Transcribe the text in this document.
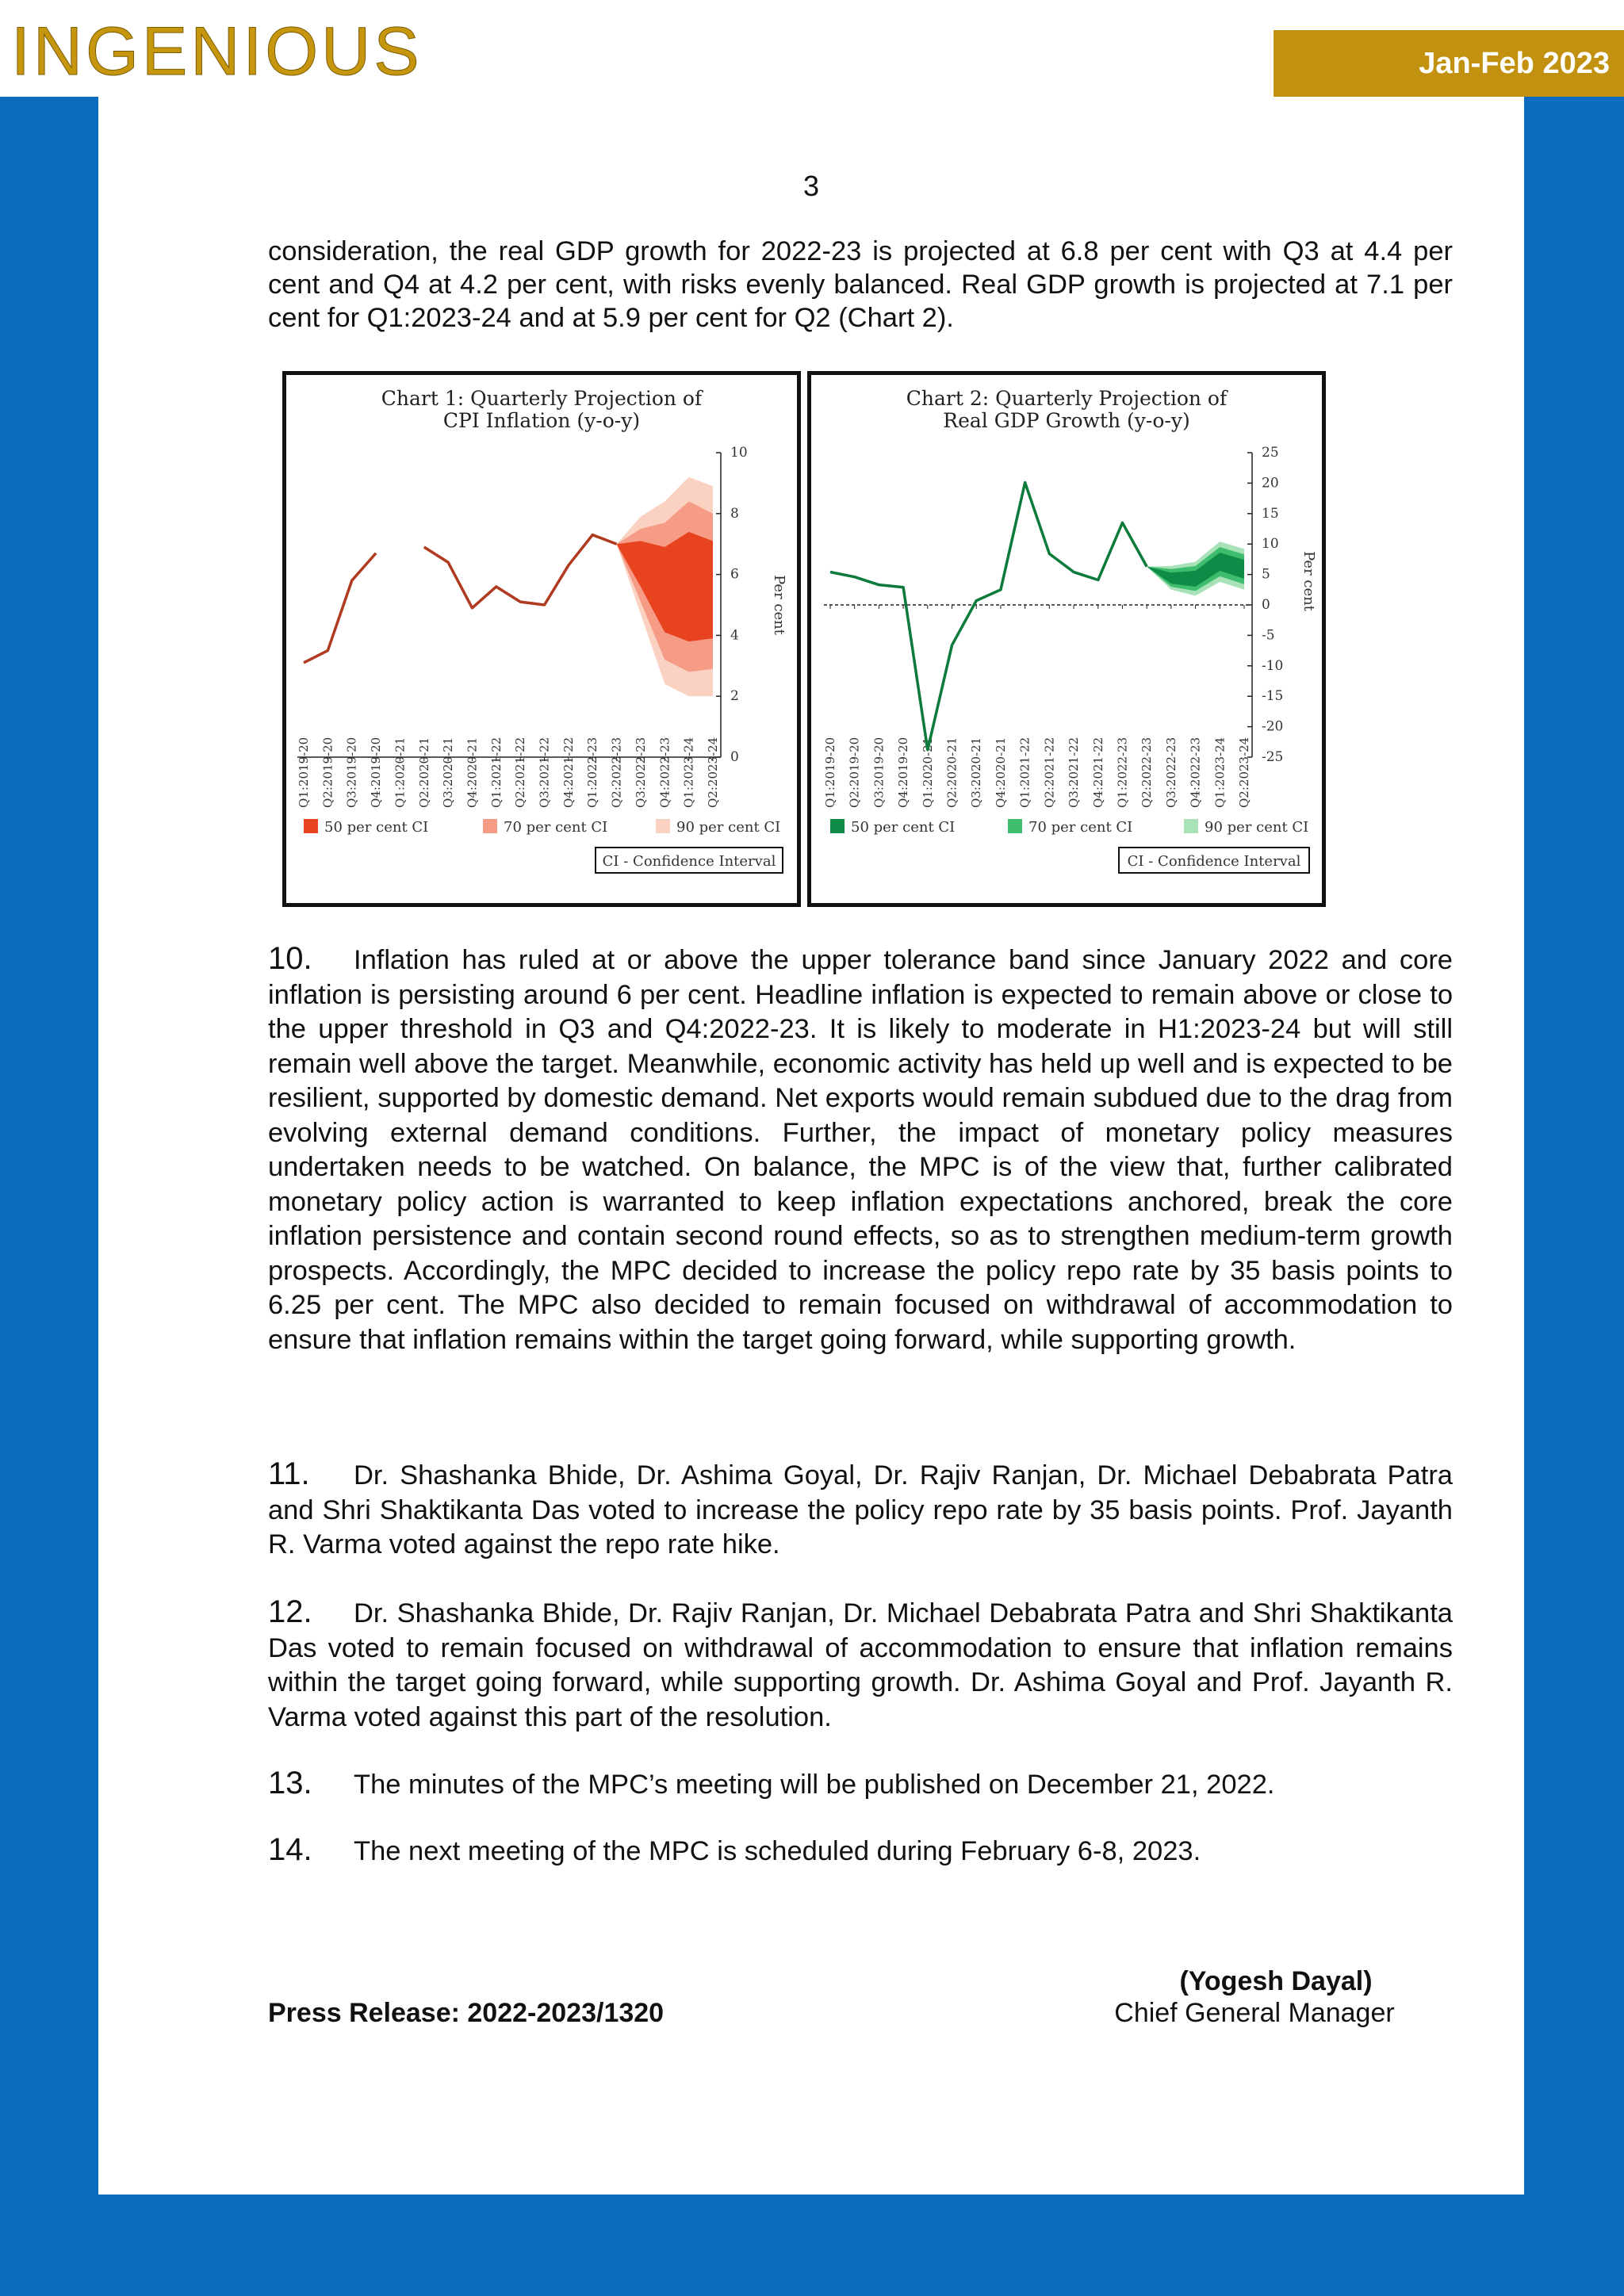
INGENIOUS	Jan-Feb 2023
3
consideration, the real GDP growth for 2022-23 is projected at 6.8 per cent with Q3 at 4.4 per cent and Q4 at 4.2 per cent, with risks evenly balanced. Real GDP growth is projected at 7.1 per cent for Q1:2023-24 and at 5.9 per cent for Q2 (Chart 2).
Chart 1: Quarterly Projection of
CPI Inflation (y-o-y)
Per cent
50 per cent CI	70 per cent CI	90 per cent CI
CI - Confidence Interval
0
2
4
6
8
10
Q1:2019-20 Q2:2019-20 Q3:2019-20 Q4:2019-20 Q1:2020-21 Q2:2020-21 Q3:2020-21 Q4:2020-21 Q1:2021-22 Q2:2021-22 Q3:2021-22 Q4:2021-22 Q1:2022-23 Q2:2022-23 Q3:2022-23 Q4:2022-23 Q1:2023-24 Q2:2023-24
Chart 2: Quarterly Projection of
Real GDP Growth (y-o-y)
Per cent
50 per cent CI	70 per cent CI	90 per cent CI
CI - Confidence Interval
25
20
15
10
5
0
-5
-10
-15
-20
-25
Q1:2019-20 Q2:2019-20 Q3:2019-20 Q4:2019-20 Q1:2020-21 Q2:2020-21 Q3:2020-21 Q4:2020-21 Q1:2021-22 Q2:2021-22 Q3:2021-22 Q4:2021-22 Q1:2022-23 Q2:2022-23 Q3:2022-23 Q4:2022-23 Q1:2023-24 Q2:2023-24
10. Inflation has ruled at or above the upper tolerance band since January 2022 and core inflation is persisting around 6 per cent. Headline inflation is expected to remain above or close to the upper threshold in Q3 and Q4:2022-23. It is likely to moderate in H1:2023-24 but will still remain well above the target. Meanwhile, economic activity has held up well and is expected to be resilient, supported by domestic demand. Net exports would remain subdued due to the drag from evolving external demand conditions. Further, the impact of monetary policy measures undertaken needs to be watched. On balance, the MPC is of the view that, further calibrated monetary policy action is warranted to keep inflation expectations anchored, break the core inflation persistence and contain second round effects, so as to strengthen medium-term growth prospects. Accordingly, the MPC decided to increase the policy repo rate by 35 basis points to 6.25 per cent. The MPC also decided to remain focused on withdrawal of accommodation to ensure that inflation remains within the target going forward, while supporting growth.
11. Dr. Shashanka Bhide, Dr. Ashima Goyal, Dr. Rajiv Ranjan, Dr. Michael Debabrata Patra and Shri Shaktikanta Das voted to increase the policy repo rate by 35 basis points. Prof. Jayanth R. Varma voted against the repo rate hike.
12. Dr. Shashanka Bhide, Dr. Rajiv Ranjan, Dr. Michael Debabrata Patra and Shri Shaktikanta Das voted to remain focused on withdrawal of accommodation to ensure that inflation remains within the target going forward, while supporting growth. Dr. Ashima Goyal and Prof. Jayanth R. Varma voted against this part of the resolution.
13. The minutes of the MPC’s meeting will be published on December 21, 2022.
14. The next meeting of the MPC is scheduled during February 6-8, 2023.
Press Release: 2022-2023/1320
(Yogesh Dayal)
Chief General Manager
